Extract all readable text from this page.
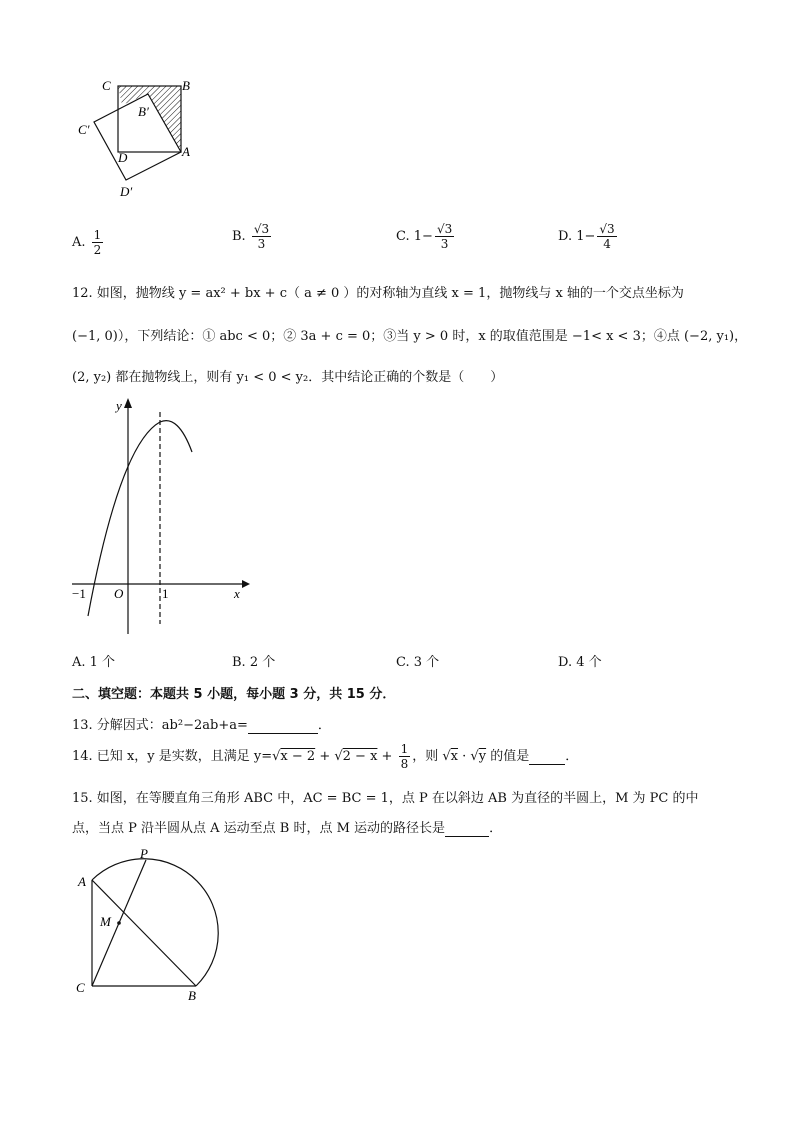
C	B
B′
C′
D	A
D′
A. $\frac{1}{2}$	B. $\frac{√3}{3}$	C. $1- \frac{√3}{3}$	D. $1- \frac{√3}{4}$
12. 如图，抛物线 y = ax² + bx + c（ a ≠ 0 ）的对称轴为直线 x = 1，抛物线与 x 轴的一个交点坐标为
(−1, 0)），下列结论：① abc < 0；② 3a + c = 0；③当 y > 0 时，x 的取值范围是 −1< x < 3；④点 (−2, y₁)，
(2, y₂) 都在抛物线上，则有 y₁ < 0 < y₂．其中结论正确的个数是（　　）
y
x
O
−1	1
A. 1 个	B. 2 个	C. 3 个	D. 4 个
二、填空题：本题共 5 小题，每小题 3 分，共 15 分．
13. 分解因式：ab²−2ab+a=	．
14. 已知 x，y 是实数，且满足 $y=√x - 2 + √2 - x + \frac{1}{8}$ ，则 √x · √y 的值是	．
15. 如图，在等腰直角三角形 ABC 中，AC = BC = 1，点 P 在以斜边 AB 为直径的半圆上，M 为 PC 的中
点，当点 P 沿半圆从点 A 运动至点 B 时，点 M 运动的路径长是	．
A
P
M
C
B
